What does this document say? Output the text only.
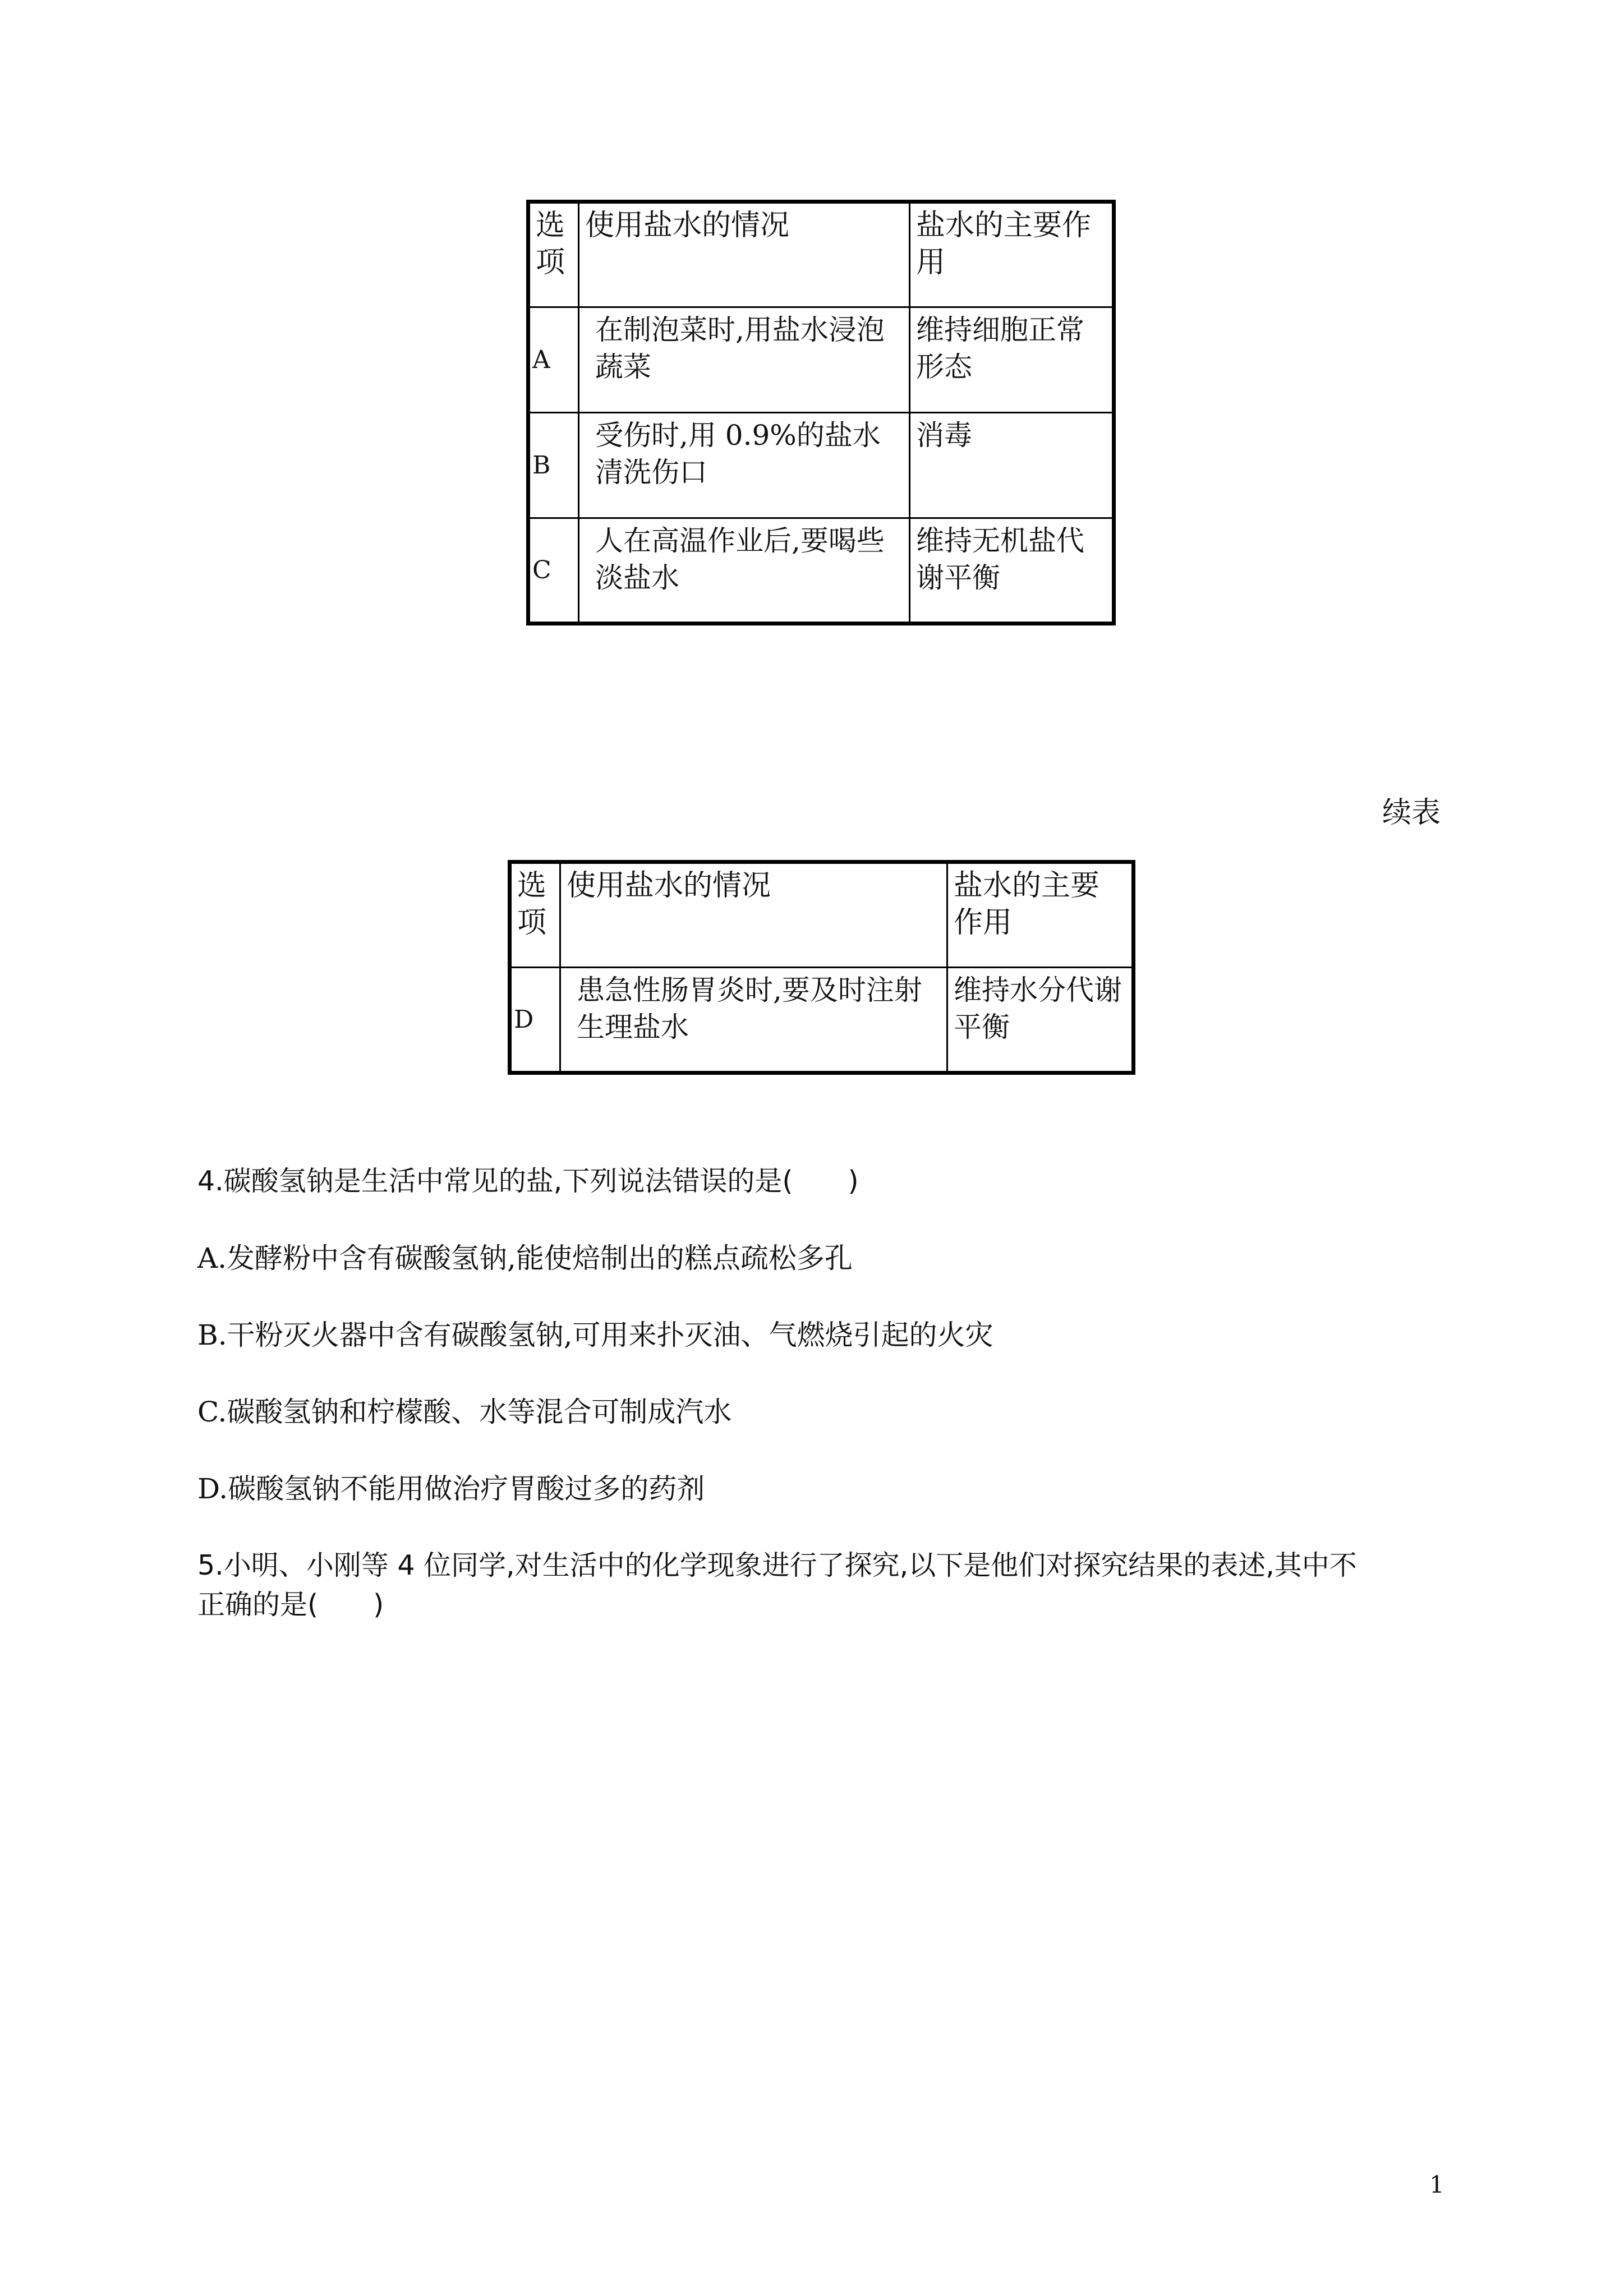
选项	使用盐水的情况	盐水的主要作用
A	在制泡菜时,用盐水浸泡蔬菜	维持细胞正常形态
B	受伤时,用 0.9%的盐水清洗伤口	消毒
C	人在高温作业后,要喝些淡盐水	维持无机盐代谢平衡
续表
选项	使用盐水的情况	盐水的主要作用
D	患急性肠胃炎时,要及时注射生理盐水	维持水分代谢平衡
4.碳酸氢钠是生活中常见的盐,下列说法错误的是(　　)
A.发酵粉中含有碳酸氢钠,能使焙制出的糕点疏松多孔
B.干粉灭火器中含有碳酸氢钠,可用来扑灭油、气燃烧引起的火灾
C.碳酸氢钠和柠檬酸、水等混合可制成汽水
D.碳酸氢钠不能用做治疗胃酸过多的药剂
5.小明、小刚等 4 位同学,对生活中的化学现象进行了探究,以下是他们对探究结果的表述,其中不
正确的是(　　)
1
